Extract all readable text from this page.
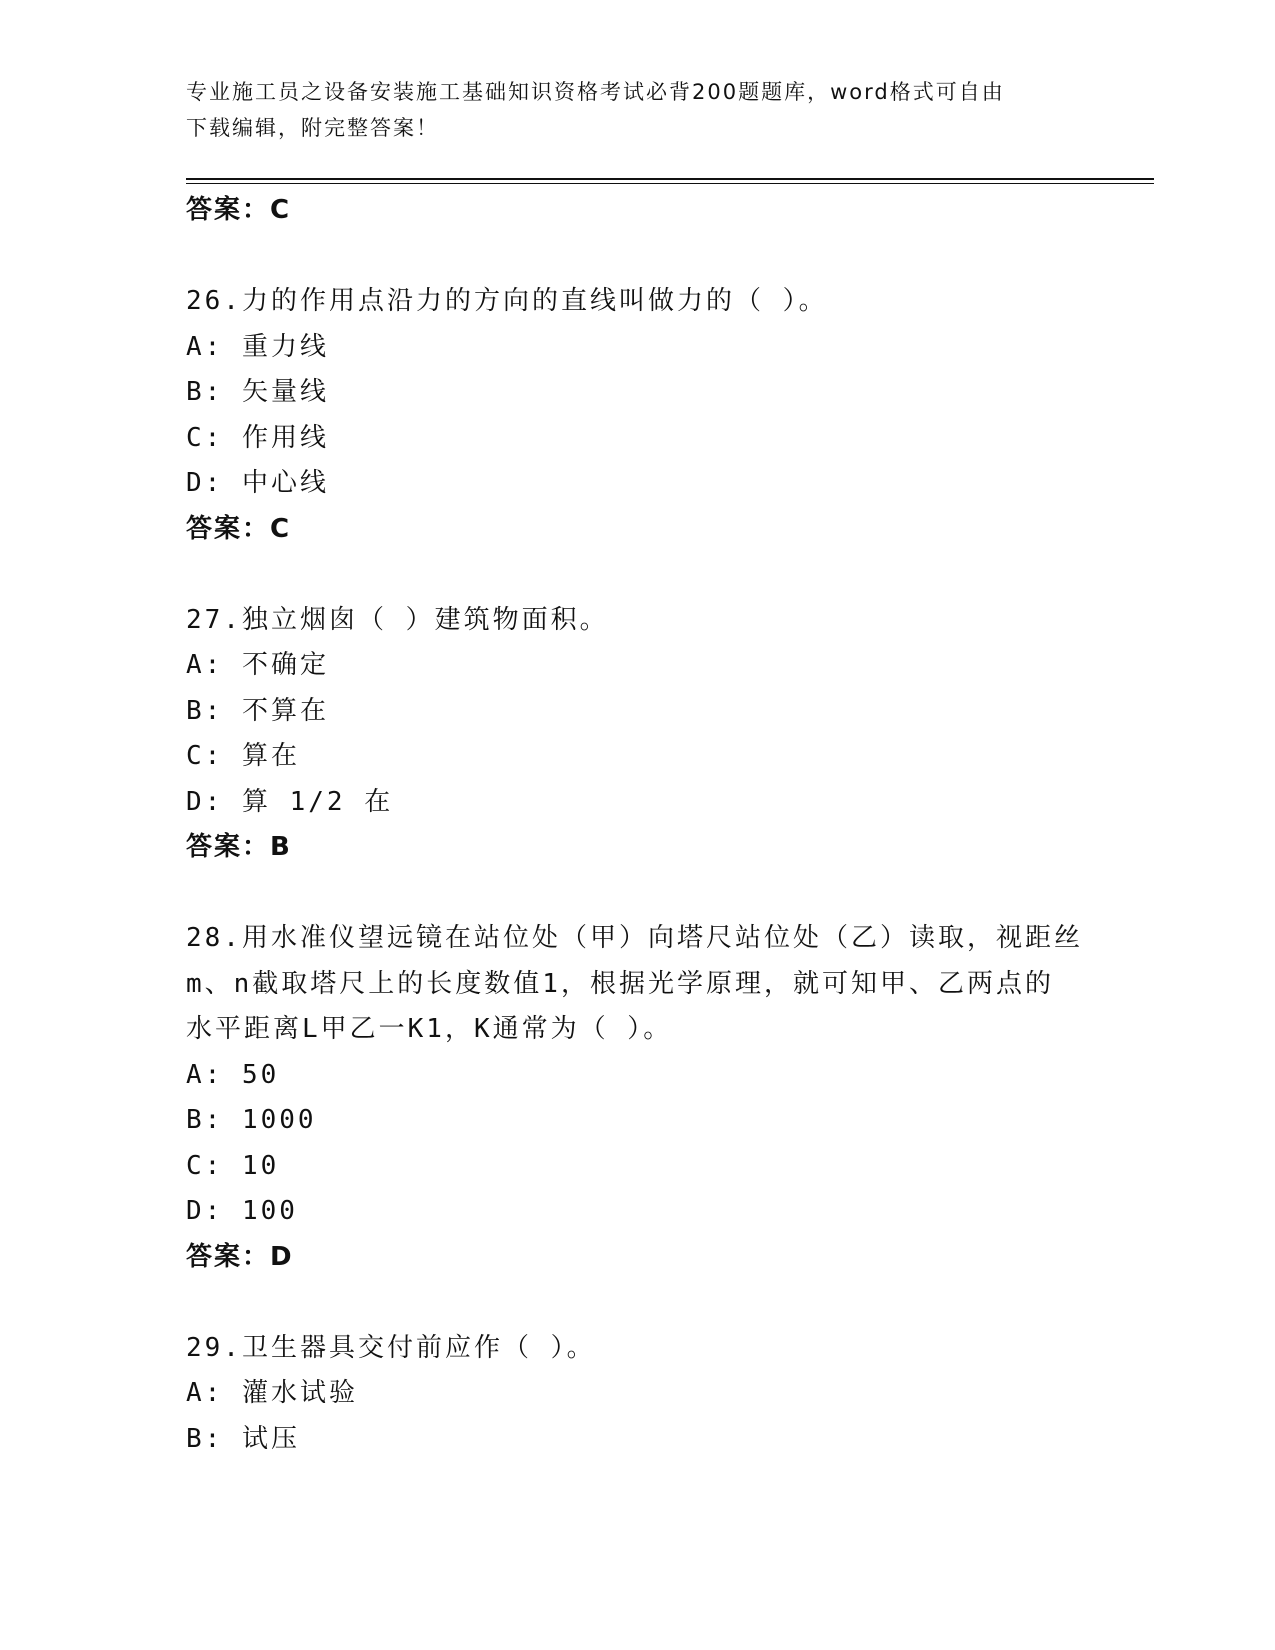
专业施工员之设备安装施工基础知识资格考试必背200题题库，word格式可自由
下载编辑，附完整答案！
答案：C
26.力的作用点沿力的方向的直线叫做力的（ ）。
A: 重力线
B: 矢量线
C: 作用线
D: 中心线
答案：C
27.独立烟囱（ ）建筑物面积。
A: 不确定
B: 不算在
C: 算在
D: 算 1/2 在
答案：B
28.用水准仪望远镜在站位处（甲）向塔尺站位处（乙）读取，视距丝
m、n截取塔尺上的长度数值1，根据光学原理，就可知甲、乙两点的
水平距离L甲乙一K1，K通常为（ ）。
A: 50
B: 1000
C: 10
D: 100
答案：D
29.卫生器具交付前应作（ ）。
A: 灌水试验
B: 试压
